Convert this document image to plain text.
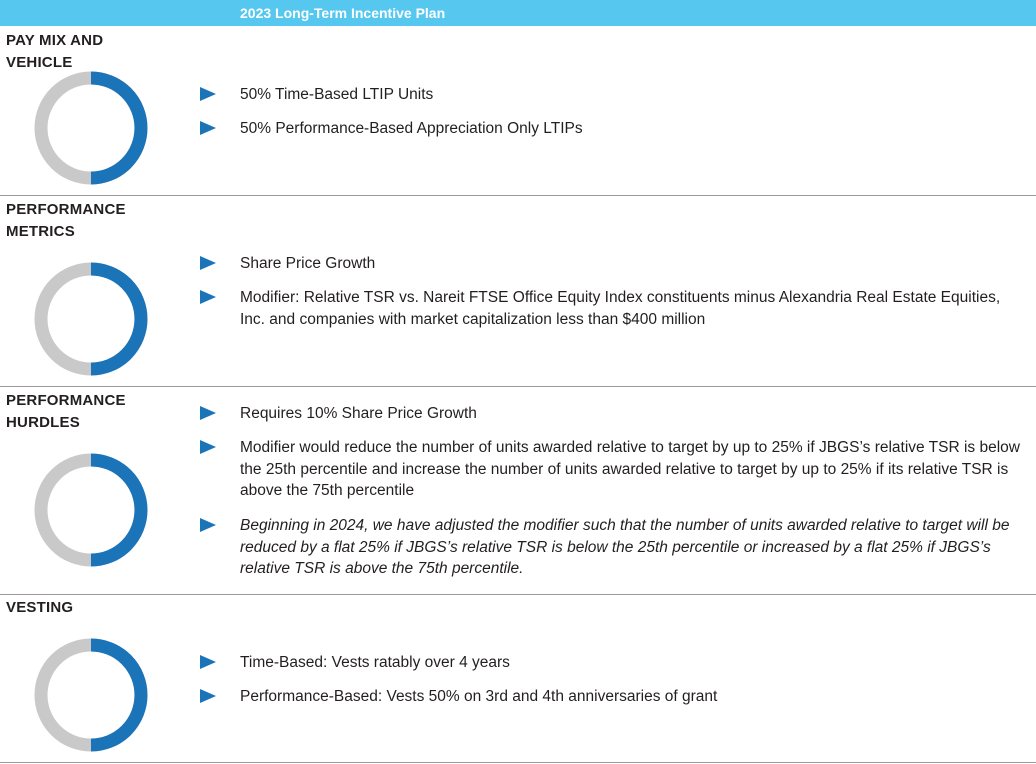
2023 Long-Term Incentive Plan
PAY MIX AND VEHICLE
50% Time-Based LTIP Units
50% Performance-Based Appreciation Only LTIPs
PERFORMANCE METRICS
Share Price Growth
Modifier: Relative TSR vs. Nareit FTSE Office Equity Index constituents minus Alexandria Real Estate Equities, Inc. and companies with market capitalization less than $400 million
PERFORMANCE HURDLES
Requires 10% Share Price Growth
Modifier would reduce the number of units awarded relative to target by up to 25% if JBGS’s relative TSR is below the 25th percentile and increase the number of units awarded relative to target by up to 25% if its relative TSR is above the 75th percentile
Beginning in 2024, we have adjusted the modifier such that the number of units awarded relative to target will be reduced by a flat 25% if JBGS’s relative TSR is below the 25th percentile or increased by a flat 25% if JBGS’s relative TSR is above the 75th percentile.
VESTING
Time-Based: Vests ratably over 4 years
Performance-Based: Vests 50% on 3rd and 4th anniversaries of grant
